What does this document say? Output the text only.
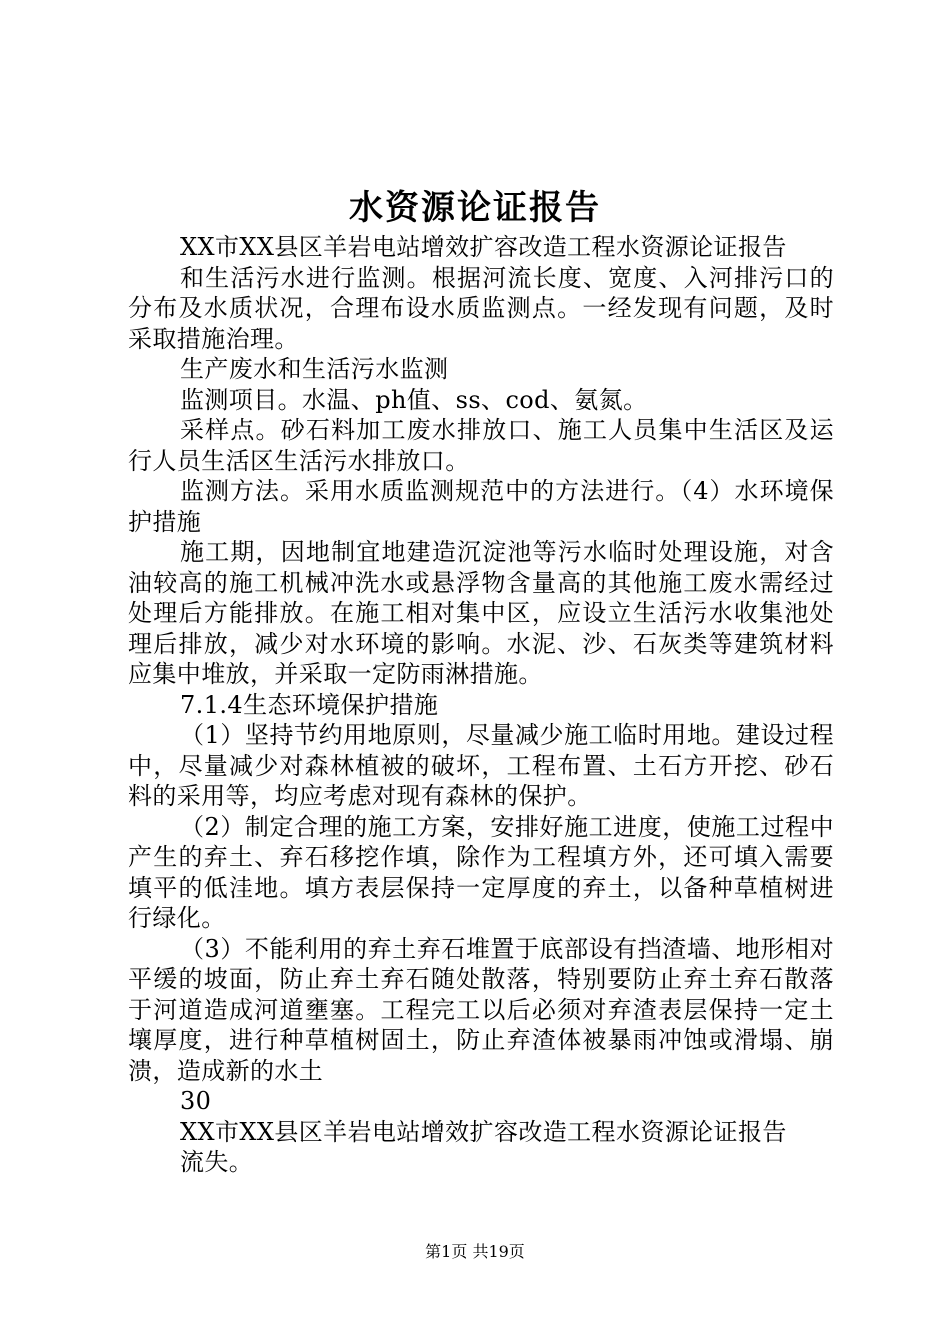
水资源论证报告

XX市XX县区羊岩电站增效扩容改造工程水资源论证报告

和生活污水进行监测。根据河流长度、宽度、入河排污口的分布及水质状况，合理布设水质监测点。一经发现有问题，及时采取措施治理。

生产废水和生活污水监测

监测项目。水温、ph值、ss、cod、氨氮。

采样点。砂石料加工废水排放口、施工人员集中生活区及运行人员生活区生活污水排放口。

监测方法。采用水质监测规范中的方法进行。（4）水环境保护措施

施工期，因地制宜地建造沉淀池等污水临时处理设施，对含油较高的施工机械冲洗水或悬浮物含量高的其他施工废水需经过处理后方能排放。在施工相对集中区，应设立生活污水收集池处理后排放，减少对水环境的影响。水泥、沙、石灰类等建筑材料应集中堆放，并采取一定防雨淋措施。

7.1.4生态环境保护措施

（1）坚持节约用地原则，尽量减少施工临时用地。建设过程中，尽量减少对森林植被的破坏，工程布置、土石方开挖、砂石料的采用等，均应考虑对现有森林的保护。

（2）制定合理的施工方案，安排好施工进度，使施工过程中产生的弃土、弃石移挖作填，除作为工程填方外，还可填入需要填平的低洼地。填方表层保持一定厚度的弃土，以备种草植树进行绿化。

（3）不能利用的弃土弃石堆置于底部设有挡渣墙、地形相对平缓的坡面，防止弃土弃石随处散落，特别要防止弃土弃石散落于河道造成河道壅塞。工程完工以后必须对弃渣表层保持一定土壤厚度，进行种草植树固土，防止弃渣体被暴雨冲蚀或滑塌、崩溃，造成新的水土

30

XX市XX县区羊岩电站增效扩容改造工程水资源论证报告

流失。

第1页 共19页
